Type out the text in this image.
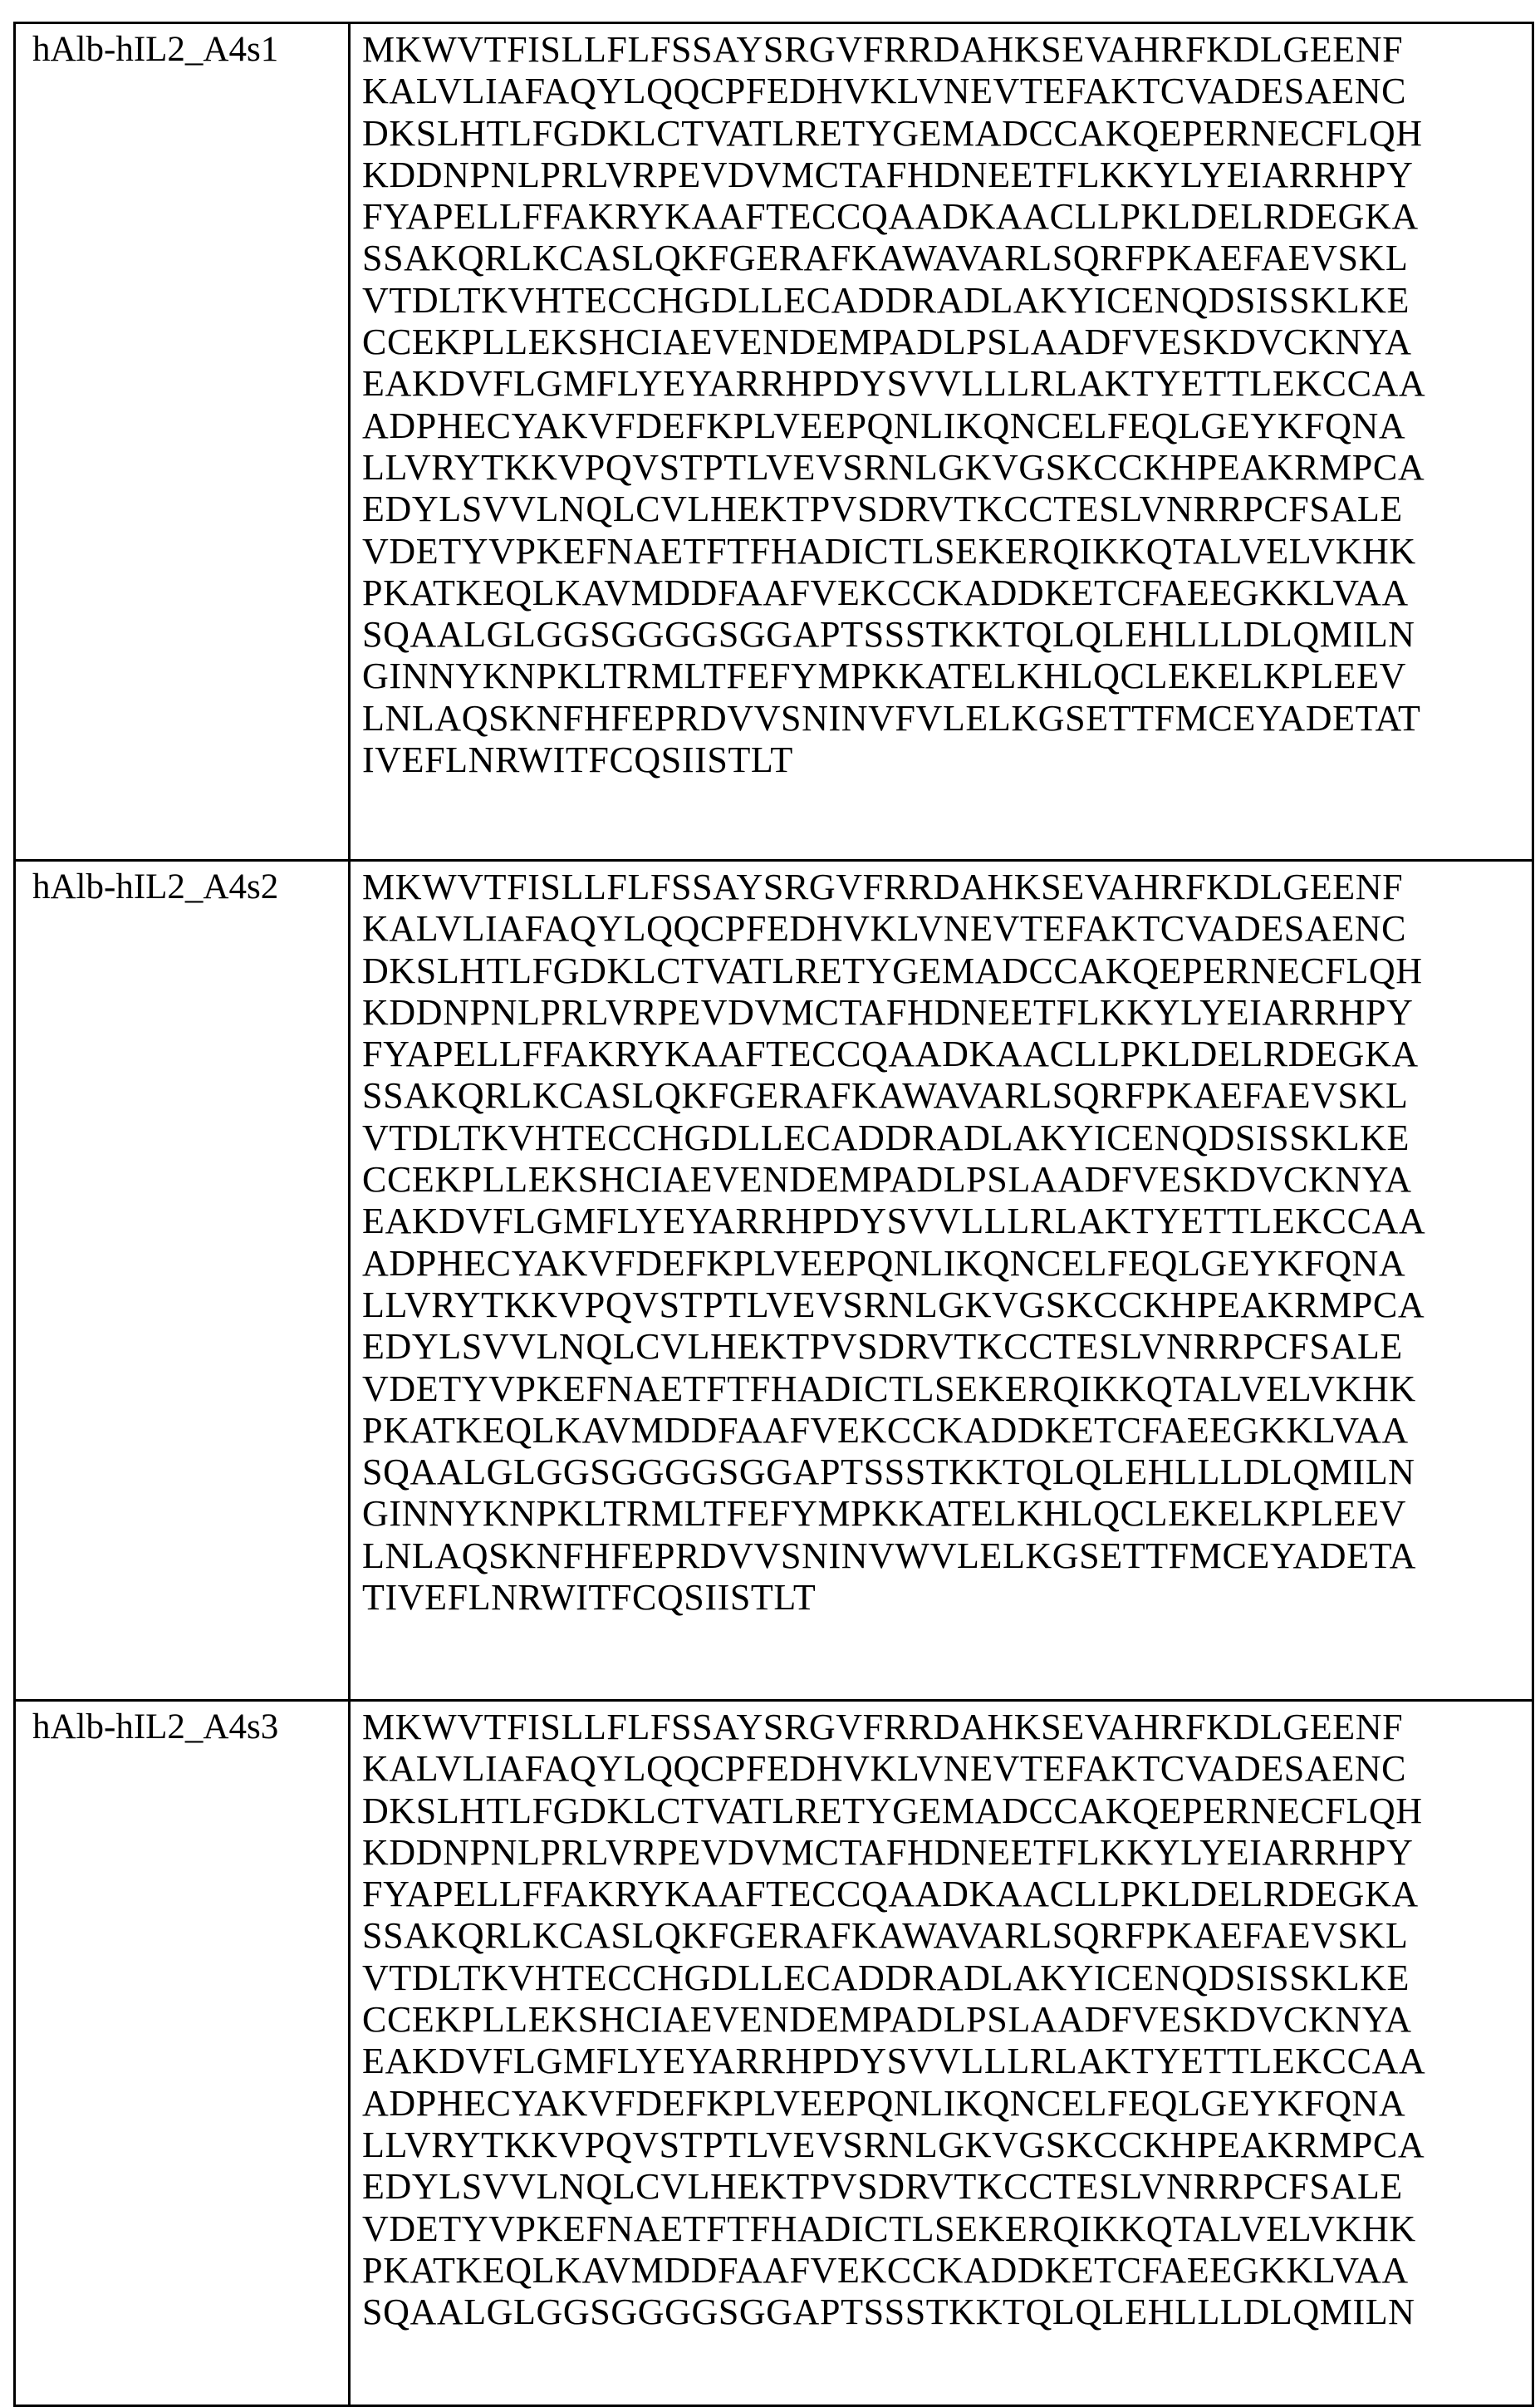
hAlb-hIL2_A4s1	MKWVTFISLLFLFSSAYSRGVFRRDAHKSEVAHRFKDLGEENF
KALVLIAFAQYLQQCPFEDHVKLVNEVTEFAKTCVADESAENC
DKSLHTLFGDKLCTVATLRETYGEMADCCAKQEPERNECFLQH
KDDNPNLPRLVRPEVDVMCTAFHDNEETFLKKYLYEIARRHPY
FYAPELLFFAKRYKAAFTECCQAADKAACLLPKLDELRDEGKA
SSAKQRLKCASLQKFGERAFKAWAVARLSQRFPKAEFAEVSKL
VTDLTKVHTECCHGDLLECADDRADLAKYICENQDSISSKLKE
CCEKPLLEKSHCIAEVENDEMPADLPSLAADFVESKDVCKNYA
EAKDVFLGMFLYEYARRHPDYSVVLLLRLAKTYETTLEKCCAA
ADPHECYAKVFDEFKPLVEEPQNLIKQNCELFEQLGEYKFQNA
LLVRYTKKVPQVSTPTLVEVSRNLGKVGSKCCKHPEAKRMPCA
EDYLSVVLNQLCVLHEKTPVSDRVTKCCTESLVNRRPCFSALE
VDETYVPKEFNAETFTFHADICTLSEKERQIKKQTALVELVKHK
PKATKEQLKAVMDDFAAFVEKCCKADDKETCFAEEGKKLVAA
SQAALGLGGSGGGGSGGAPTSSSTKKTQLQLEHLLLDLQMILN
GINNYKNPKLTRMLTFEFYMPKKATELKHLQCLEKELKPLEEV
LNLAQSKNFHFEPRDVVSNINVFVLELKGSETTFMCEYADETAT
IVEFLNRWITFCQSIISTLT

hAlb-hIL2_A4s2	MKWVTFISLLFLFSSAYSRGVFRRDAHKSEVAHRFKDLGEENF
KALVLIAFAQYLQQCPFEDHVKLVNEVTEFAKTCVADESAENC
DKSLHTLFGDKLCTVATLRETYGEMADCCAKQEPERNECFLQH
KDDNPNLPRLVRPEVDVMCTAFHDNEETFLKKYLYEIARRHPY
FYAPELLFFAKRYKAAFTECCQAADKAACLLPKLDELRDEGKA
SSAKQRLKCASLQKFGERAFKAWAVARLSQRFPKAEFAEVSKL
VTDLTKVHTECCHGDLLECADDRADLAKYICENQDSISSKLKE
CCEKPLLEKSHCIAEVENDEMPADLPSLAADFVESKDVCKNYA
EAKDVFLGMFLYEYARRHPDYSVVLLLRLAKTYETTLEKCCAA
ADPHECYAKVFDEFKPLVEEPQNLIKQNCELFEQLGEYKFQNA
LLVRYTKKVPQVSTPTLVEVSRNLGKVGSKCCKHPEAKRMPCA
EDYLSVVLNQLCVLHEKTPVSDRVTKCCTESLVNRRPCFSALE
VDETYVPKEFNAETFTFHADICTLSEKERQIKKQTALVELVKHK
PKATKEQLKAVMDDFAAFVEKCCKADDKETCFAEEGKKLVAA
SQAALGLGGSGGGGSGGAPTSSSTKKTQLQLEHLLLDLQMILN
GINNYKNPKLTRMLTFEFYMPKKATELKHLQCLEKELKPLEEV
LNLAQSKNFHFEPRDVVSNINVWVLELKGSETTFMCEYADETA
TIVEFLNRWITFCQSIISTLT

hAlb-hIL2_A4s3	MKWVTFISLLFLFSSAYSRGVFRRDAHKSEVAHRFKDLGEENF
KALVLIAFAQYLQQCPFEDHVKLVNEVTEFAKTCVADESAENC
DKSLHTLFGDKLCTVATLRETYGEMADCCAKQEPERNECFLQH
KDDNPNLPRLVRPEVDVMCTAFHDNEETFLKKYLYEIARRHPY
FYAPELLFFAKRYKAAFTECCQAADKAACLLPKLDELRDEGKA
SSAKQRLKCASLQKFGERAFKAWAVARLSQRFPKAEFAEVSKL
VTDLTKVHTECCHGDLLECADDRADLAKYICENQDSISSKLKE
CCEKPLLEKSHCIAEVENDEMPADLPSLAADFVESKDVCKNYA
EAKDVFLGMFLYEYARRHPDYSVVLLLRLAKTYETTLEKCCAA
ADPHECYAKVFDEFKPLVEEPQNLIKQNCELFEQLGEYKFQNA
LLVRYTKKVPQVSTPTLVEVSRNLGKVGSKCCKHPEAKRMPCA
EDYLSVVLNQLCVLHEKTPVSDRVTKCCTESLVNRRPCFSALE
VDETYVPKEFNAETFTFHADICTLSEKERQIKKQTALVELVKHK
PKATKEQLKAVMDDFAAFVEKCCKADDKETCFAEEGKKLVAA
SQAALGLGGSGGGGSGGAPTSSSTKKTQLQLEHLLLDLQMILN
